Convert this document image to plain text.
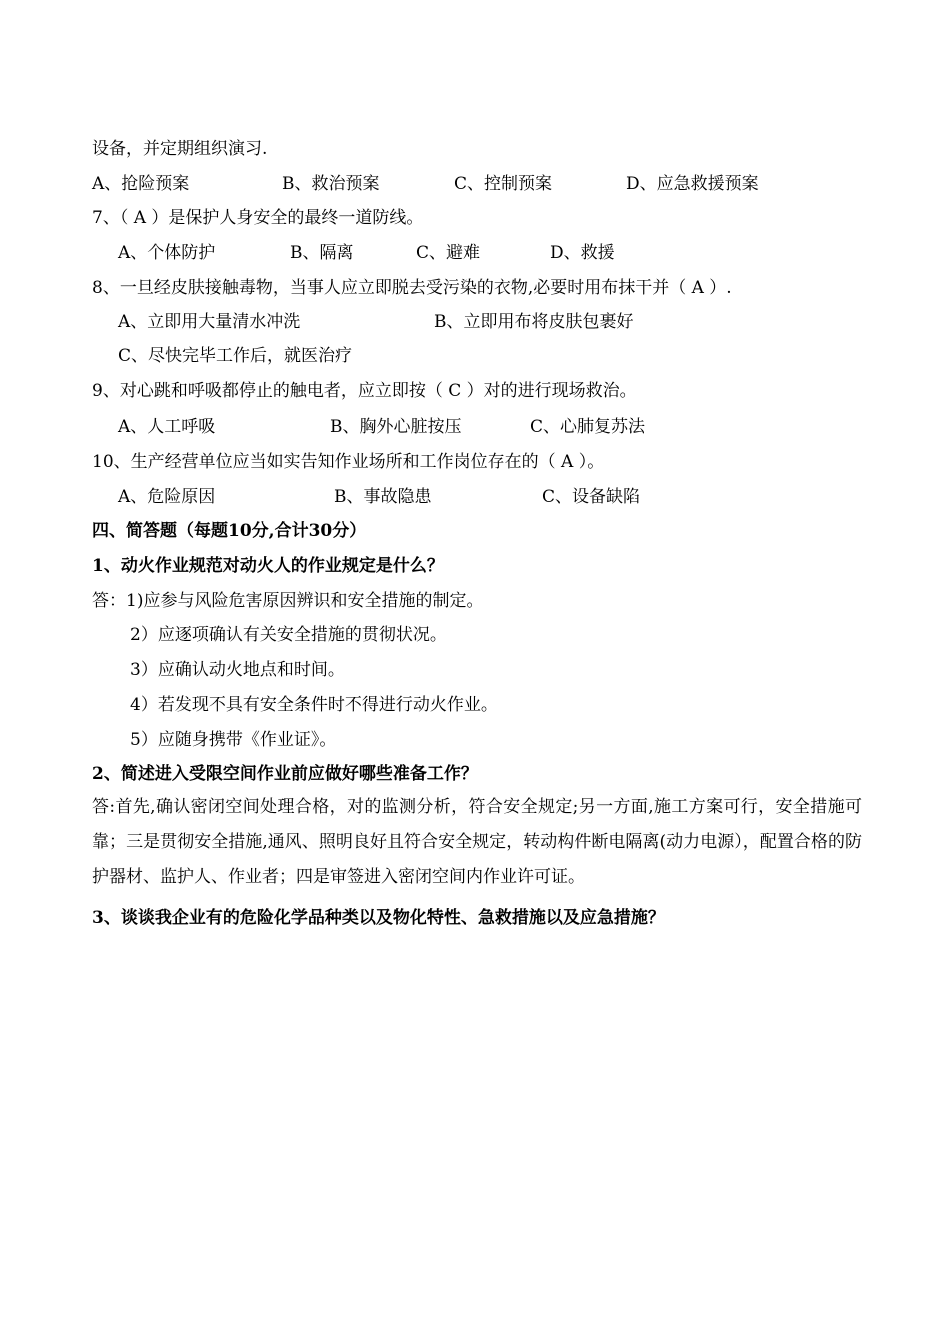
设备，并定期组织演习.
A、抢险预案	B、救治预案	C、控制预案	D、应急救援预案
7、（ A ）是保护人身安全的最终一道防线。
A、个体防护	B、隔离	C、避难	D、救援
8、一旦经皮肤接触毒物，当事人应立即脱去受污染的衣物,必要时用布抹干并（ A ）.
A、立即用大量清水冲洗	B、立即用布将皮肤包裹好
C、尽快完毕工作后，就医治疗
9、对心跳和呼吸都停止的触电者，应立即按（ C ）对的进行现场救治。
A、人工呼吸	B、胸外心脏按压	C、心肺复苏法
10、生产经营单位应当如实告知作业场所和工作岗位存在的（ A ）。
A、危险原因	B、事故隐患	C、设备缺陷
四、简答题（每题10分,合计30分）
1、动火作业规范对动火人的作业规定是什么？
答：1)应参与风险危害原因辨识和安全措施的制定。
2）应逐项确认有关安全措施的贯彻状况。
3）应确认动火地点和时间。
4）若发现不具有安全条件时不得进行动火作业。
5）应随身携带《作业证》。
2、简述进入受限空间作业前应做好哪些准备工作？

答:首先,确认密闭空间处理合格，对的监测分析，符合安全规定;另一方面,施工方案可行，安全措施可靠；三是贯彻安全措施,通风、照明良好且符合安全规定，转动构件断电隔离(动力电源），配置合格的防护器材、监护人、作业者；四是审签进入密闭空间内作业许可证。

3、谈谈我企业有的危险化学品种类以及物化特性、急救措施以及应急措施？
